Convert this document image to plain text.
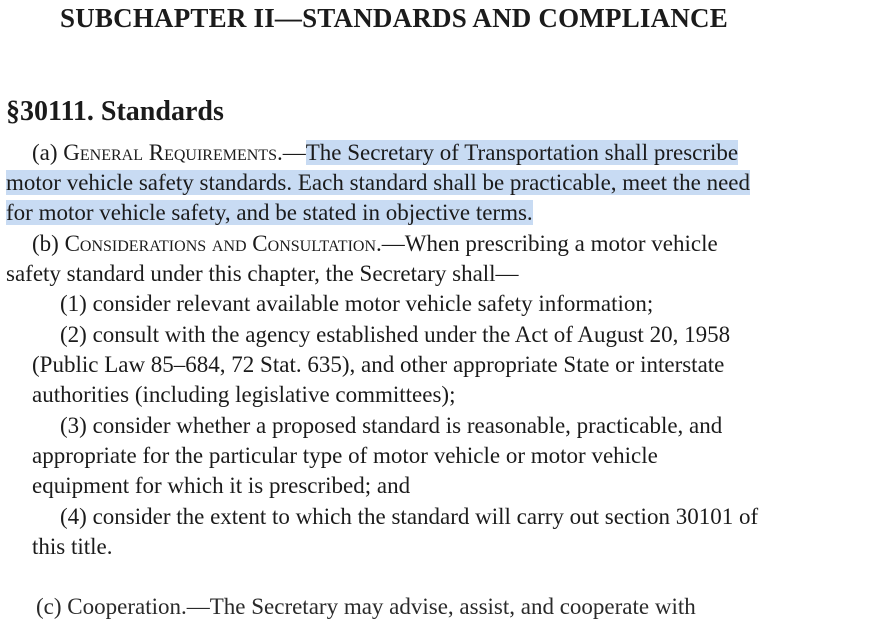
SUBCHAPTER II—STANDARDS AND COMPLIANCE
§30111. Standards
(a) General Requirements.—The Secretary of Transportation shall prescribe
motor vehicle safety standards. Each standard shall be practicable, meet the need
for motor vehicle safety, and be stated in objective terms.
(b) Considerations and Consultation.—When prescribing a motor vehicle
safety standard under this chapter, the Secretary shall—
(1) consider relevant available motor vehicle safety information;
(2) consult with the agency established under the Act of August 20, 1958
(Public Law 85–684, 72 Stat. 635), and other appropriate State or interstate
authorities (including legislative committees);
(3) consider whether a proposed standard is reasonable, practicable, and
appropriate for the particular type of motor vehicle or motor vehicle
equipment for which it is prescribed; and
(4) consider the extent to which the standard will carry out section 30101 of
this title.
(c) Cooperation.—The Secretary may advise, assist, and cooperate with
